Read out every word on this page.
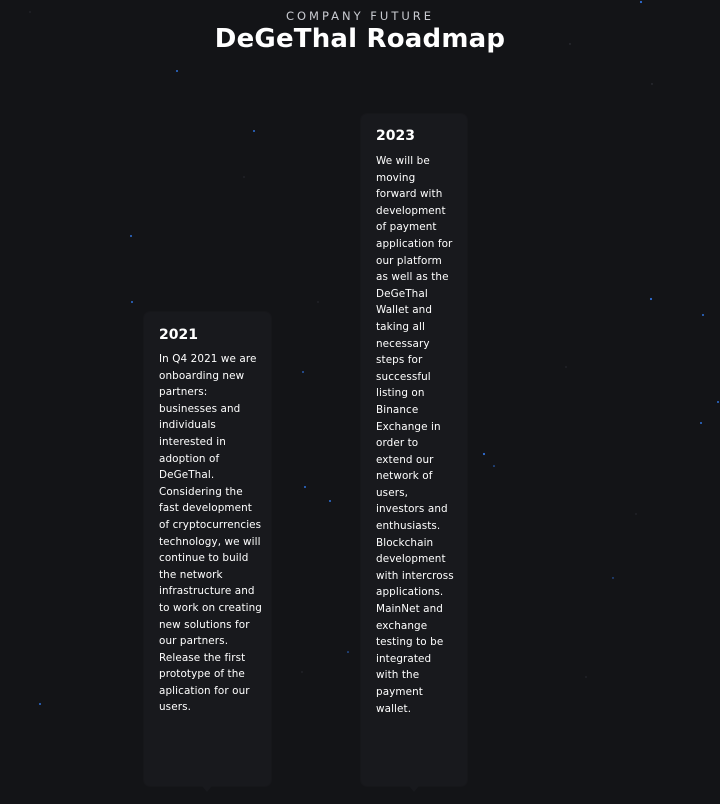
COMPANY FUTURE
DeGeThal Roadmap
2021
In Q4 2021 we are onboarding new partners: businesses and individuals interested in adoption of DeGeThal. Considering the fast development of cryptocurrencies technology, we will continue to build the network infrastructure and to work on creating new solutions for our partners. Release the first prototype of the aplication for our users.
2023
We will be moving forward with development of payment application for our platform as well as the DeGeThal Wallet and taking all necessary steps for successful listing on Binance Exchange in order to extend our network of users, investors and enthusiasts. Blockchain development with intercross applications. MainNet and exchange testing to be integrated with the payment wallet.
